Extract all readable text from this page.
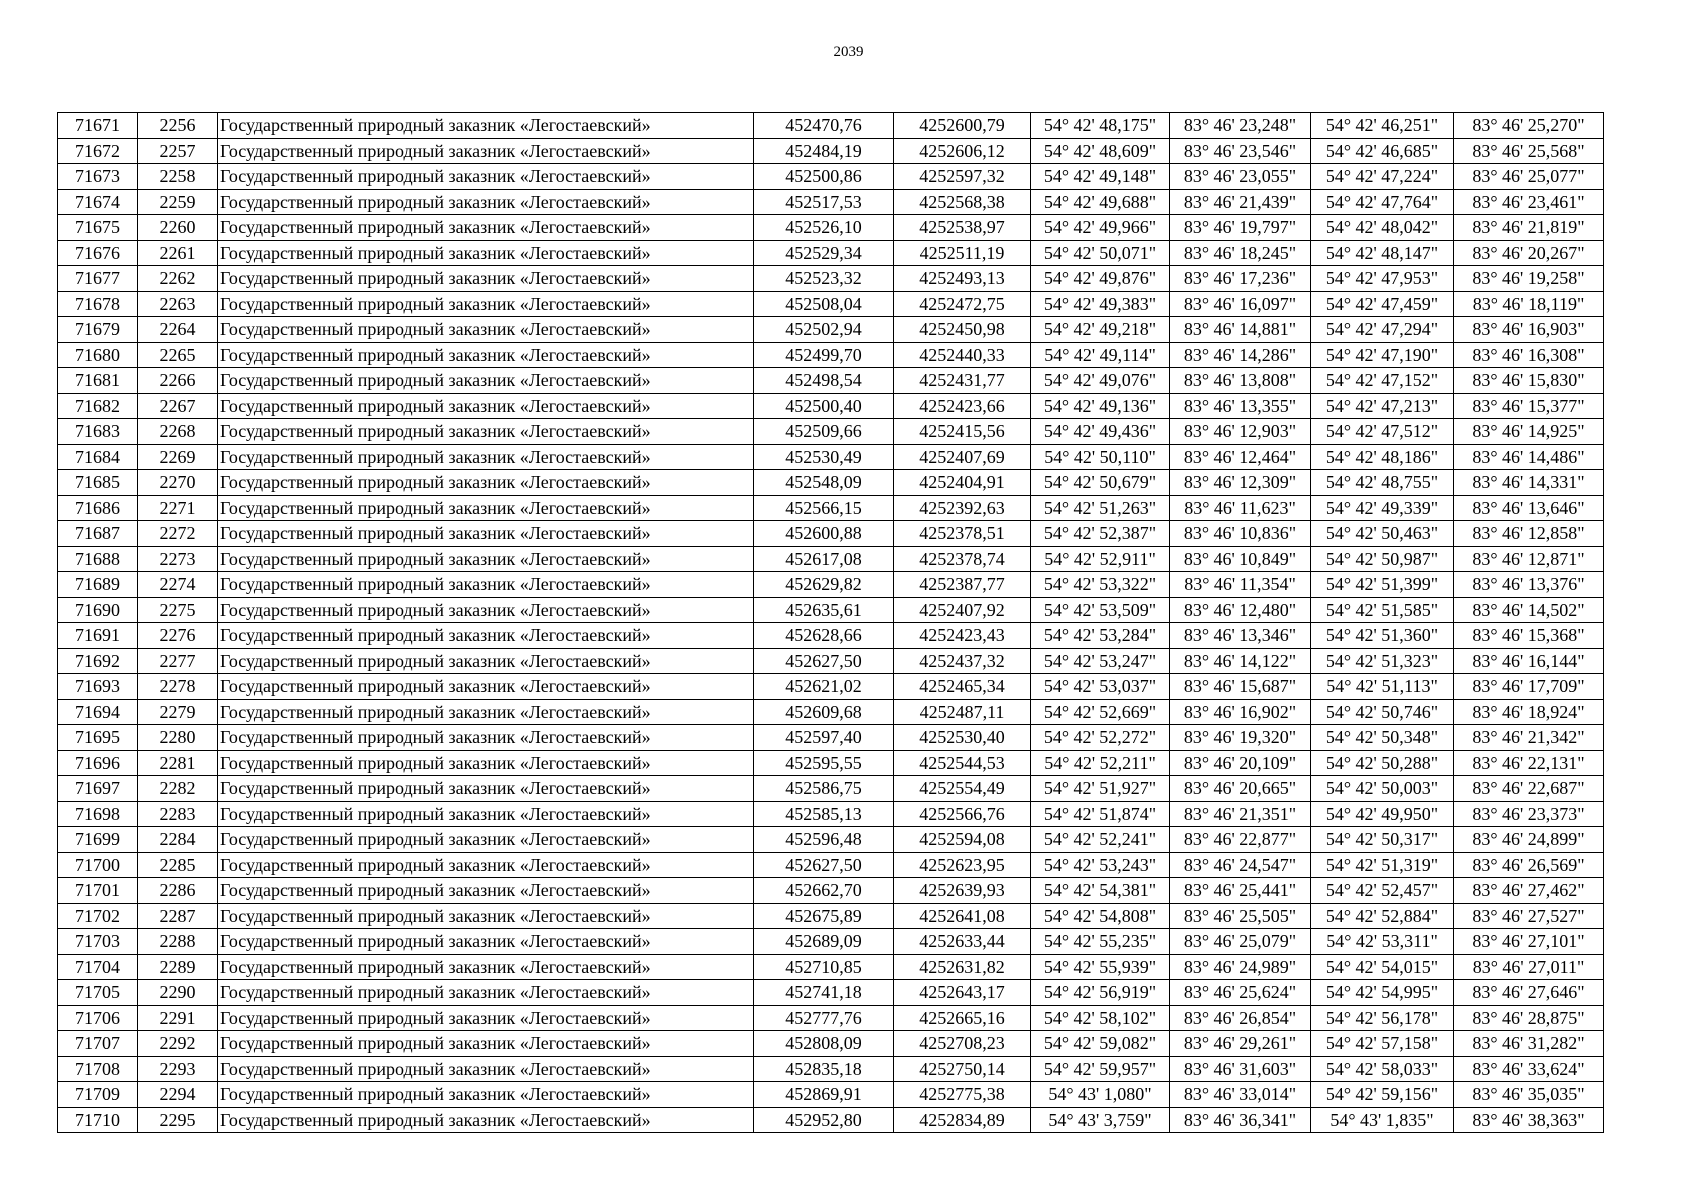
2039
71671	2256	Государственный природный заказник «Легостаевский»	452470,76	4252600,79	54° 42' 48,175"	83° 46' 23,248"	54° 42' 46,251"	83° 46' 25,270"
71672	2257	Государственный природный заказник «Легостаевский»	452484,19	4252606,12	54° 42' 48,609"	83° 46' 23,546"	54° 42' 46,685"	83° 46' 25,568"
71673	2258	Государственный природный заказник «Легостаевский»	452500,86	4252597,32	54° 42' 49,148"	83° 46' 23,055"	54° 42' 47,224"	83° 46' 25,077"
71674	2259	Государственный природный заказник «Легостаевский»	452517,53	4252568,38	54° 42' 49,688"	83° 46' 21,439"	54° 42' 47,764"	83° 46' 23,461"
71675	2260	Государственный природный заказник «Легостаевский»	452526,10	4252538,97	54° 42' 49,966"	83° 46' 19,797"	54° 42' 48,042"	83° 46' 21,819"
71676	2261	Государственный природный заказник «Легостаевский»	452529,34	4252511,19	54° 42' 50,071"	83° 46' 18,245"	54° 42' 48,147"	83° 46' 20,267"
71677	2262	Государственный природный заказник «Легостаевский»	452523,32	4252493,13	54° 42' 49,876"	83° 46' 17,236"	54° 42' 47,953"	83° 46' 19,258"
71678	2263	Государственный природный заказник «Легостаевский»	452508,04	4252472,75	54° 42' 49,383"	83° 46' 16,097"	54° 42' 47,459"	83° 46' 18,119"
71679	2264	Государственный природный заказник «Легостаевский»	452502,94	4252450,98	54° 42' 49,218"	83° 46' 14,881"	54° 42' 47,294"	83° 46' 16,903"
71680	2265	Государственный природный заказник «Легостаевский»	452499,70	4252440,33	54° 42' 49,114"	83° 46' 14,286"	54° 42' 47,190"	83° 46' 16,308"
71681	2266	Государственный природный заказник «Легостаевский»	452498,54	4252431,77	54° 42' 49,076"	83° 46' 13,808"	54° 42' 47,152"	83° 46' 15,830"
71682	2267	Государственный природный заказник «Легостаевский»	452500,40	4252423,66	54° 42' 49,136"	83° 46' 13,355"	54° 42' 47,213"	83° 46' 15,377"
71683	2268	Государственный природный заказник «Легостаевский»	452509,66	4252415,56	54° 42' 49,436"	83° 46' 12,903"	54° 42' 47,512"	83° 46' 14,925"
71684	2269	Государственный природный заказник «Легостаевский»	452530,49	4252407,69	54° 42' 50,110"	83° 46' 12,464"	54° 42' 48,186"	83° 46' 14,486"
71685	2270	Государственный природный заказник «Легостаевский»	452548,09	4252404,91	54° 42' 50,679"	83° 46' 12,309"	54° 42' 48,755"	83° 46' 14,331"
71686	2271	Государственный природный заказник «Легостаевский»	452566,15	4252392,63	54° 42' 51,263"	83° 46' 11,623"	54° 42' 49,339"	83° 46' 13,646"
71687	2272	Государственный природный заказник «Легостаевский»	452600,88	4252378,51	54° 42' 52,387"	83° 46' 10,836"	54° 42' 50,463"	83° 46' 12,858"
71688	2273	Государственный природный заказник «Легостаевский»	452617,08	4252378,74	54° 42' 52,911"	83° 46' 10,849"	54° 42' 50,987"	83° 46' 12,871"
71689	2274	Государственный природный заказник «Легостаевский»	452629,82	4252387,77	54° 42' 53,322"	83° 46' 11,354"	54° 42' 51,399"	83° 46' 13,376"
71690	2275	Государственный природный заказник «Легостаевский»	452635,61	4252407,92	54° 42' 53,509"	83° 46' 12,480"	54° 42' 51,585"	83° 46' 14,502"
71691	2276	Государственный природный заказник «Легостаевский»	452628,66	4252423,43	54° 42' 53,284"	83° 46' 13,346"	54° 42' 51,360"	83° 46' 15,368"
71692	2277	Государственный природный заказник «Легостаевский»	452627,50	4252437,32	54° 42' 53,247"	83° 46' 14,122"	54° 42' 51,323"	83° 46' 16,144"
71693	2278	Государственный природный заказник «Легостаевский»	452621,02	4252465,34	54° 42' 53,037"	83° 46' 15,687"	54° 42' 51,113"	83° 46' 17,709"
71694	2279	Государственный природный заказник «Легостаевский»	452609,68	4252487,11	54° 42' 52,669"	83° 46' 16,902"	54° 42' 50,746"	83° 46' 18,924"
71695	2280	Государственный природный заказник «Легостаевский»	452597,40	4252530,40	54° 42' 52,272"	83° 46' 19,320"	54° 42' 50,348"	83° 46' 21,342"
71696	2281	Государственный природный заказник «Легостаевский»	452595,55	4252544,53	54° 42' 52,211"	83° 46' 20,109"	54° 42' 50,288"	83° 46' 22,131"
71697	2282	Государственный природный заказник «Легостаевский»	452586,75	4252554,49	54° 42' 51,927"	83° 46' 20,665"	54° 42' 50,003"	83° 46' 22,687"
71698	2283	Государственный природный заказник «Легостаевский»	452585,13	4252566,76	54° 42' 51,874"	83° 46' 21,351"	54° 42' 49,950"	83° 46' 23,373"
71699	2284	Государственный природный заказник «Легостаевский»	452596,48	4252594,08	54° 42' 52,241"	83° 46' 22,877"	54° 42' 50,317"	83° 46' 24,899"
71700	2285	Государственный природный заказник «Легостаевский»	452627,50	4252623,95	54° 42' 53,243"	83° 46' 24,547"	54° 42' 51,319"	83° 46' 26,569"
71701	2286	Государственный природный заказник «Легостаевский»	452662,70	4252639,93	54° 42' 54,381"	83° 46' 25,441"	54° 42' 52,457"	83° 46' 27,462"
71702	2287	Государственный природный заказник «Легостаевский»	452675,89	4252641,08	54° 42' 54,808"	83° 46' 25,505"	54° 42' 52,884"	83° 46' 27,527"
71703	2288	Государственный природный заказник «Легостаевский»	452689,09	4252633,44	54° 42' 55,235"	83° 46' 25,079"	54° 42' 53,311"	83° 46' 27,101"
71704	2289	Государственный природный заказник «Легостаевский»	452710,85	4252631,82	54° 42' 55,939"	83° 46' 24,989"	54° 42' 54,015"	83° 46' 27,011"
71705	2290	Государственный природный заказник «Легостаевский»	452741,18	4252643,17	54° 42' 56,919"	83° 46' 25,624"	54° 42' 54,995"	83° 46' 27,646"
71706	2291	Государственный природный заказник «Легостаевский»	452777,76	4252665,16	54° 42' 58,102"	83° 46' 26,854"	54° 42' 56,178"	83° 46' 28,875"
71707	2292	Государственный природный заказник «Легостаевский»	452808,09	4252708,23	54° 42' 59,082"	83° 46' 29,261"	54° 42' 57,158"	83° 46' 31,282"
71708	2293	Государственный природный заказник «Легостаевский»	452835,18	4252750,14	54° 42' 59,957"	83° 46' 31,603"	54° 42' 58,033"	83° 46' 33,624"
71709	2294	Государственный природный заказник «Легостаевский»	452869,91	4252775,38	54° 43' 1,080"	83° 46' 33,014"	54° 42' 59,156"	83° 46' 35,035"
71710	2295	Государственный природный заказник «Легостаевский»	452952,80	4252834,89	54° 43' 3,759"	83° 46' 36,341"	54° 43' 1,835"	83° 46' 38,363"
